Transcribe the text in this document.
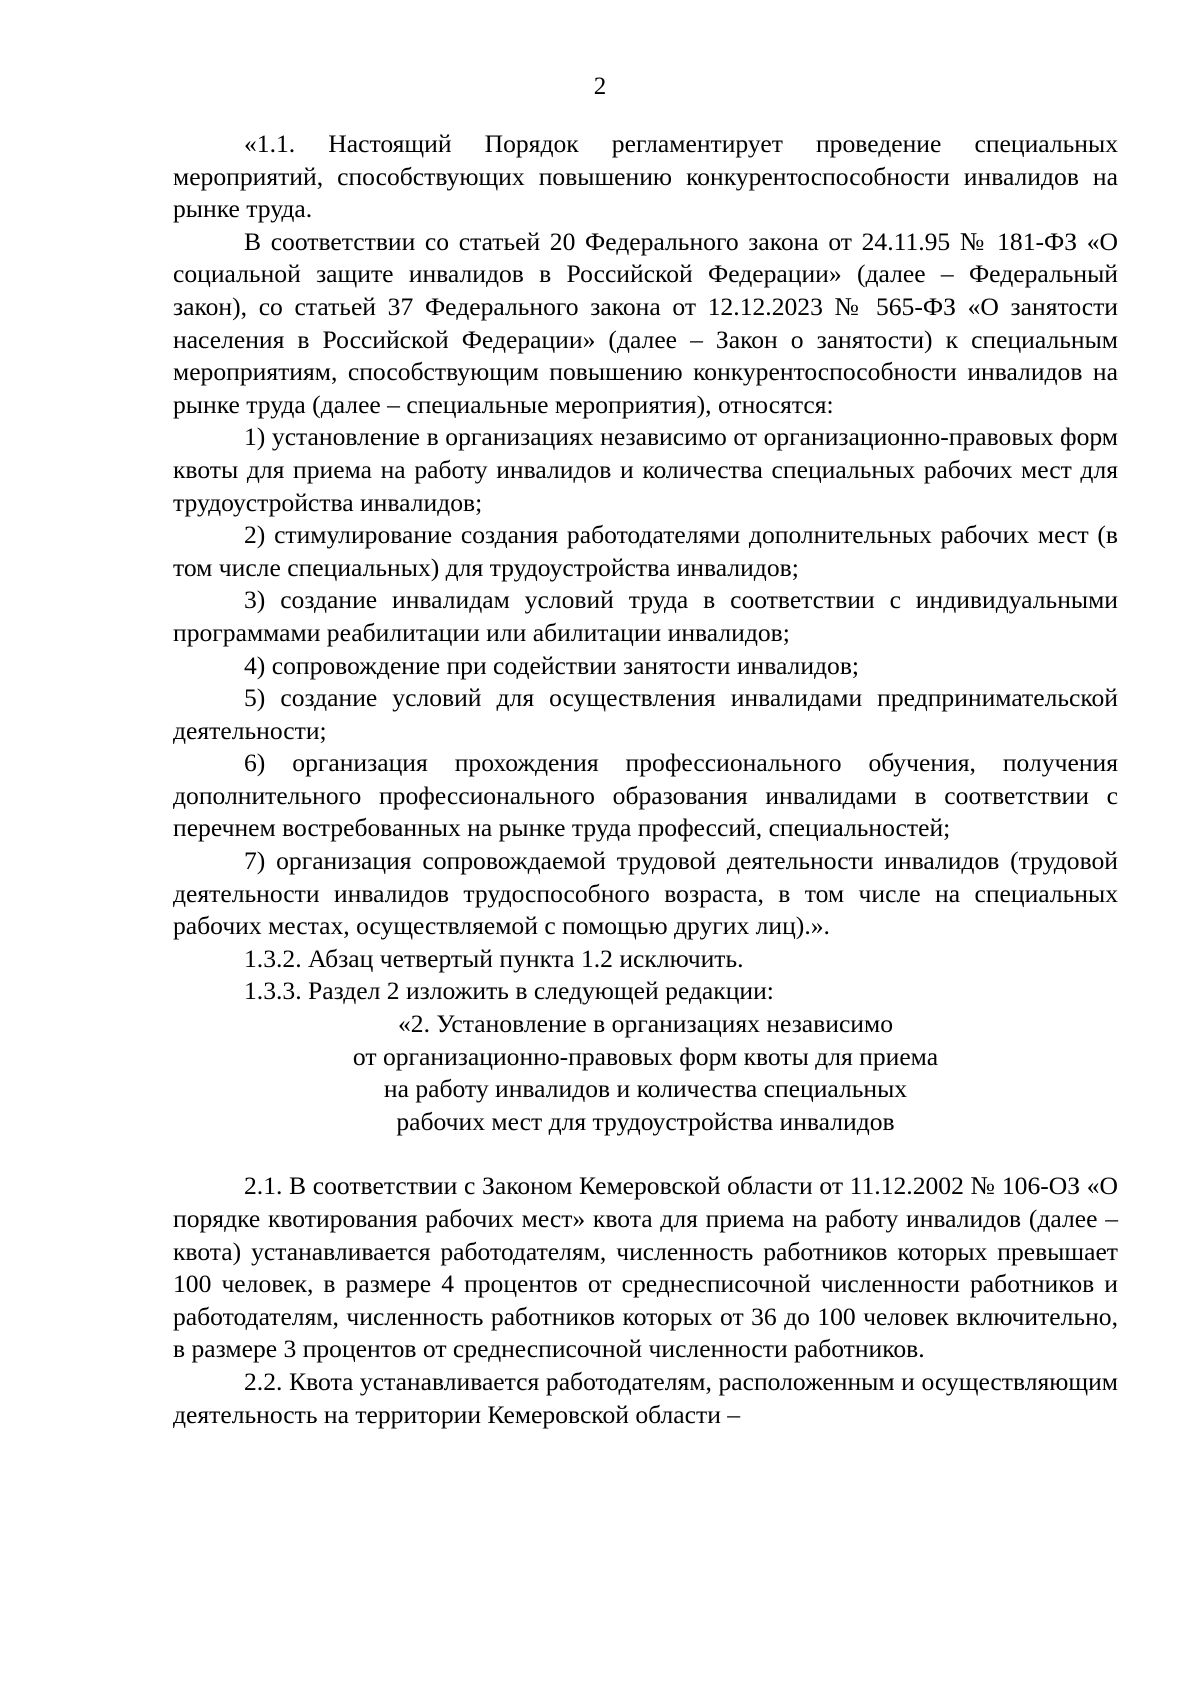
2

«1.1. Настоящий Порядок регламентирует проведение специальных мероприятий, способствующих повышению конкурентоспособности инвалидов на рынке труда.

В соответствии со статьей 20 Федерального закона от 24.11.95 № 181-ФЗ «О социальной защите инвалидов в Российской Федерации» (далее – Федеральный закон), со статьей 37 Федерального закона от 12.12.2023 № 565-ФЗ «О занятости населения в Российской Федерации» (далее – Закон о занятости) к специальным мероприятиям, способствующим повышению конкурентоспособности инвалидов на рынке труда (далее – специальные мероприятия), относятся:

1) установление в организациях независимо от организационно-правовых форм квоты для приема на работу инвалидов и количества специальных рабочих мест для трудоустройства инвалидов;

2) стимулирование создания работодателями дополнительных рабочих мест (в том числе специальных) для трудоустройства инвалидов;

3) создание инвалидам условий труда в соответствии с индивидуальными программами реабилитации или абилитации инвалидов;

4) сопровождение при содействии занятости инвалидов;

5) создание условий для осуществления инвалидами предпринимательской деятельности;

6) организация прохождения профессионального обучения, получения дополнительного профессионального образования инвалидами в соответствии с перечнем востребованных на рынке труда профессий, специальностей;

7) организация сопровождаемой трудовой деятельности инвалидов (трудовой деятельности инвалидов трудоспособного возраста, в том числе на специальных рабочих местах, осуществляемой с помощью других лиц).».

1.3.2. Абзац четвертый пункта 1.2 исключить.

1.3.3. Раздел 2 изложить в следующей редакции:

«2. Установление в организациях независимо
от организационно-правовых форм квоты для приема
на работу инвалидов и количества специальных
рабочих мест для трудоустройства инвалидов

2.1. В соответствии с Законом Кемеровской области от 11.12.2002 № 106-ОЗ «О порядке квотирования рабочих мест» квота для приема на работу инвалидов (далее – квота) устанавливается работодателям, численность работников которых превышает 100 человек, в размере 4 процентов от среднесписочной численности работников и работодателям, численность работников которых от 36 до 100 человек включительно, в размере 3 процентов от среднесписочной численности работников.

2.2. Квота устанавливается работодателям, расположенным и осуществляющим деятельность на территории Кемеровской области –
